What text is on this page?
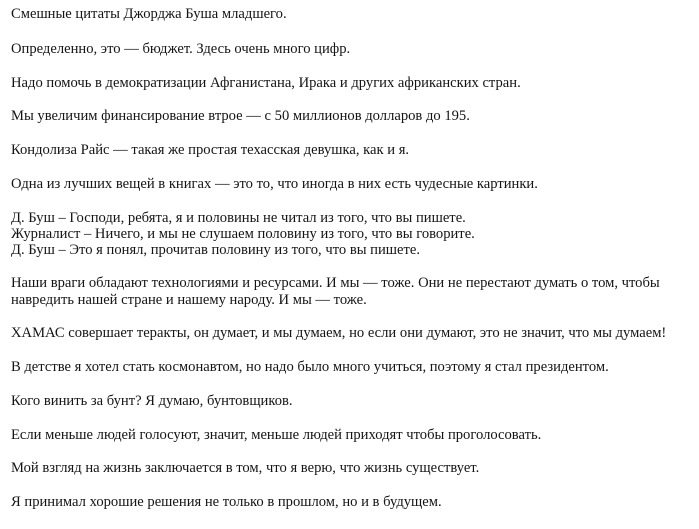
Смешные цитаты Джорджа Буша младшего.
Определенно, это — бюджет. Здесь очень много цифр.
Надо помочь в демократизации Афганистана, Ирака и других африканских стран.
Мы увеличим финансирование втрое — с 50 миллионов долларов до 195.
Кондолиза Райс — такая же простая техасская девушка, как и я.
Одна из лучших вещей в книгах — это то, что иногда в них есть чудесные картинки.
Д. Буш – Господи, ребята, я и половины не читал из того, что вы пишете.
Журналист – Ничего, и мы не слушаем половину из того, что вы говорите.
Д. Буш – Это я понял, прочитав половину из того, что вы пишете.
Наши враги обладают технологиями и ресурсами. И мы — тоже. Они не перестают думать о том, чтобы
навредить нашей стране и нашему народу. И мы — тоже.
ХАМАС совершает теракты, он думает, и мы думаем, но если они думают, это не значит, что мы думаем!
В детстве я хотел стать космонавтом, но надо было много учиться, поэтому я стал президентом.
Кого винить за бунт? Я думаю, бунтовщиков.
Если меньше людей голосуют, значит, меньше людей приходят чтобы проголосовать.
Мой взгляд на жизнь заключается в том, что я верю, что жизнь существует.
Я принимал хорошие решения не только в прошлом, но и в будущем.
